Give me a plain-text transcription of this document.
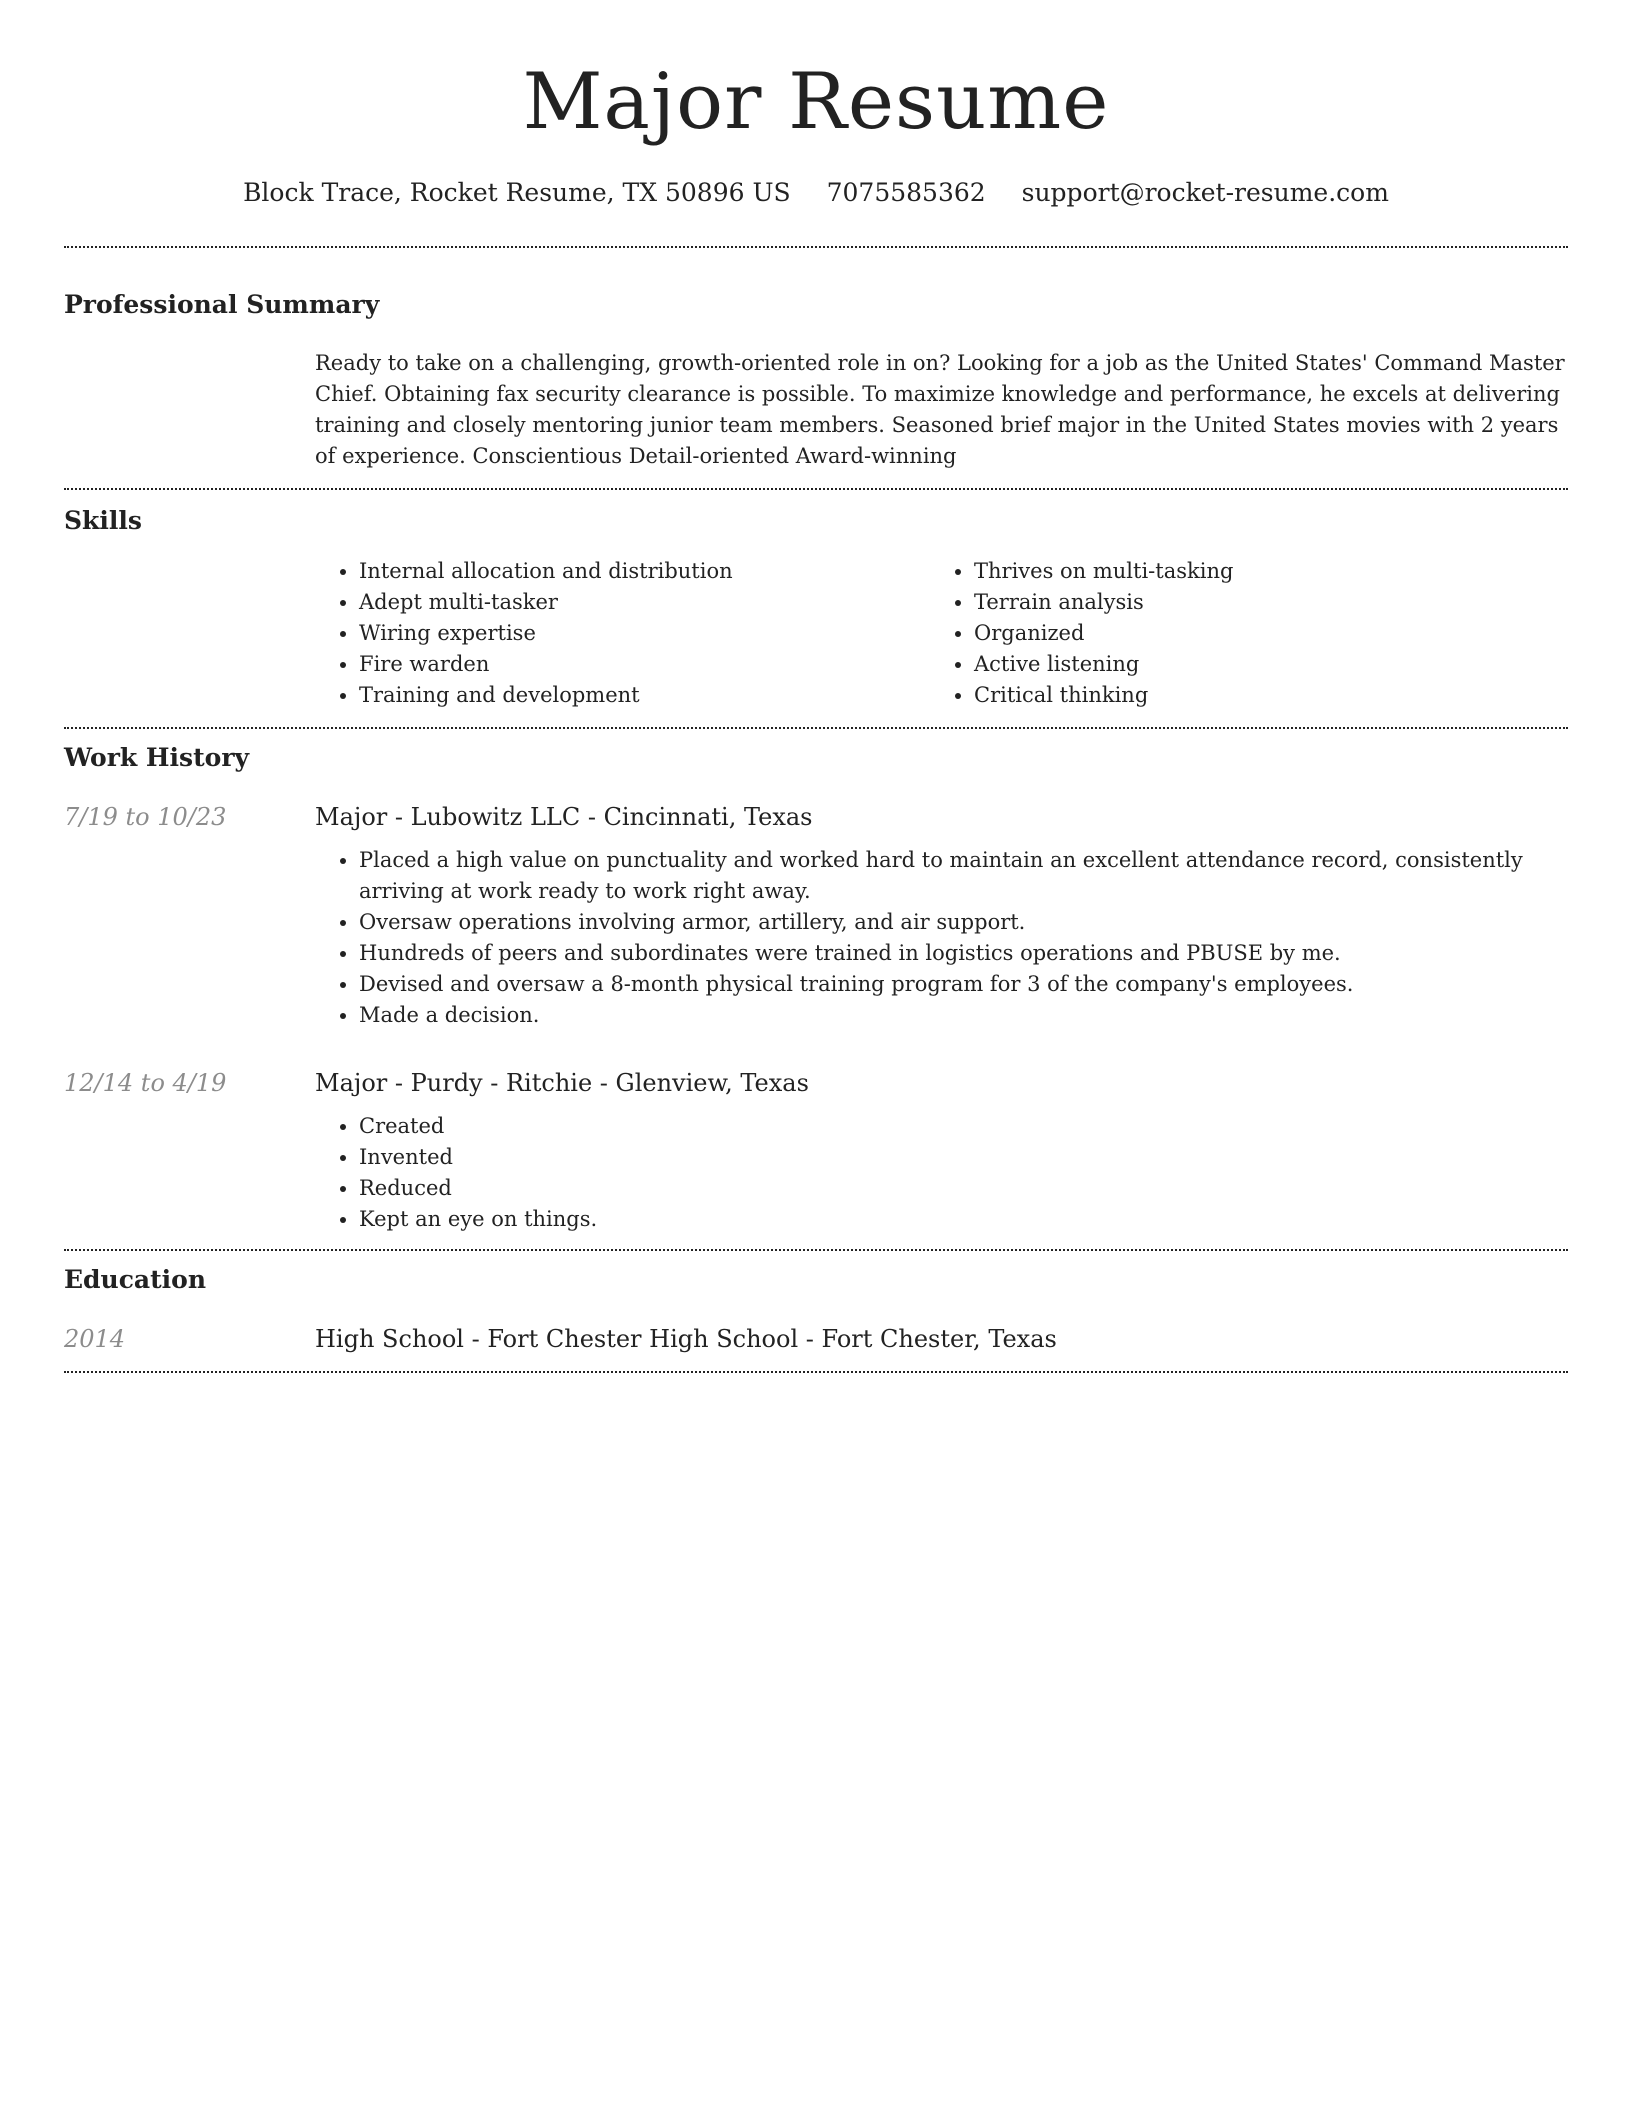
Major Resume
Block Trace, Rocket Resume, TX 50896 US 7075585362 support@rocket-resume.com
Professional Summary
Ready to take on a challenging, growth-oriented role in on? Looking for a job as the United States' Command Master Chief. Obtaining fax security clearance is possible. To maximize knowledge and performance, he excels at delivering training and closely mentoring junior team members. Seasoned brief major in the United States movies with 2 years of experience. Conscientious Detail-oriented Award-winning
Skills
• Internal allocation and distribution
• Adept multi-tasker
• Wiring expertise
• Fire warden
• Training and development
• Thrives on multi-tasking
• Terrain analysis
• Organized
• Active listening
• Critical thinking
Work History
7/19 to 10/23	Major - Lubowitz LLC - Cincinnati, Texas
• Placed a high value on punctuality and worked hard to maintain an excellent attendance record, consistently arriving at work ready to work right away.
• Oversaw operations involving armor, artillery, and air support.
• Hundreds of peers and subordinates were trained in logistics operations and PBUSE by me.
• Devised and oversaw a 8-month physical training program for 3 of the company's employees.
• Made a decision.
12/14 to 4/19	Major - Purdy - Ritchie - Glenview, Texas
• Created
• Invented
• Reduced
• Kept an eye on things.
Education
2014	High School - Fort Chester High School - Fort Chester, Texas
